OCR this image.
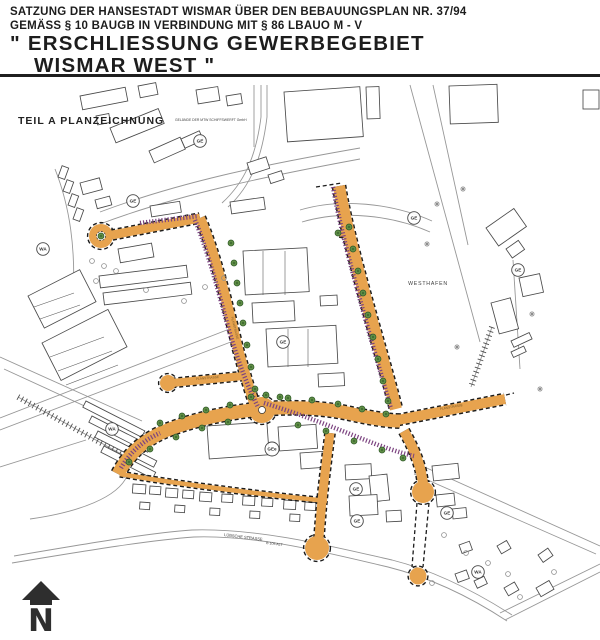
SATZUNG DER HANSESTADT WISMAR ÜBER DEN BEBAUUNGSPLAN NR. 37/94
GEMÄSS § 10 BAUGB IN VERBINDUNG MIT § 86 LBAUO M - V
" ERSCHLIESSUNG GEWERBEGEBIET
WISMAR WEST "
GE
GE
GE
GE
GE
GE
GE
GE
GEe
WA
WA
WA
TEIL A PLANZEICHNUNG	GELÄNDE DER MTW SCHIFFSWERFT GmbH
WESTHAFEN
LÜBSCHE STRASSE
B 105 ALT
PLANSTRASSE
PLANSTRASSE
PLANSTRASSE
N
